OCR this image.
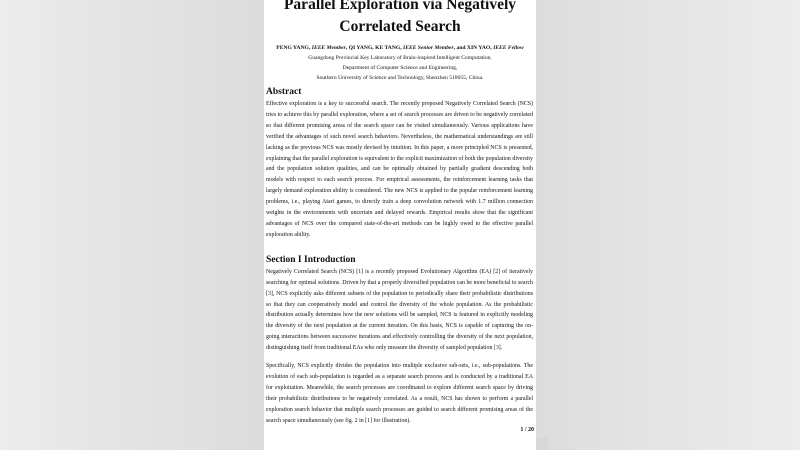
Parallel Exploration via Negatively Correlated Search
PENG YANG, IEEE Member, QI YANG, KE TANG, IEEE Senior Member, and XIN YAO, IEEE Fellow
Guangdong Provincial Key Laboratory of Brain-inspired Intelligent Computation,
Department of Computer Science and Engineering,
Southern University of Science and Technology, Shenzhen 518055, China.
Abstract
Effective exploration is a key to successful search. The recently proposed Negatively Correlated Search (NCS) tries to achieve this by parallel exploration, where a set of search processes are driven to be negatively correlated so that different promising areas of the search space can be visited simultaneously. Various applications have verified the advantages of such novel search behaviors. Nevertheless, the mathematical understandings are still lacking as the previous NCS was mostly devised by intuition. In this paper, a more principled NCS is presented, explaining that the parallel exploration is equivalent to the explicit maximization of both the population diversity and the population solution qualities, and can be optimally obtained by partially gradient descending both models with respect to each search process. For empirical assessments, the reinforcement learning tasks that largely demand exploration ability is considered. The new NCS is applied to the popular reinforcement learning problems, i.e., playing Atari games, to directly train a deep convolution network with 1.7 million connection weights in the environments with uncertain and delayed rewards. Empirical results show that the significant advantages of NCS over the compared state-of-the-art methods can be highly owed to the effective parallel exploration ability.
Section I Introduction
Negatively Correlated Search (NCS) [1] is a recently proposed Evolutionary Algorithm (EA) [2] of iteratively searching for optimal solutions. Driven by that a properly diversified population can be more beneficial to search [3], NCS explicitly asks different subsets of the population to periodically share their probabilistic distributions so that they can cooperatively model and control the diversity of the whole population. As the probabilistic distribution actually determines how the new solutions will be sampled, NCS is featured in explicitly modeling the diversity of the next population at the current iteration. On this basis, NCS is capable of capturing the on-going interactions between successive iterations and effectively controlling the diversity of the next population, distinguishing itself from traditional EAs who only measure the diversity of sampled population [3].
Specifically, NCS explicitly divides the population into multiple exclusive sub-sets, i.e., sub-populations. The evolution of each sub-population is regarded as a separate search process and is conducted by a traditional EA for exploitation. Meanwhile, the search processes are coordinated to explore different search space by driving their probabilistic distributions to be negatively correlated. As a result, NCS has shown to perform a parallel exploration search behavior that multiple search processes are guided to search different promising areas of the search space simultaneously (see fig. 2 in [1] for illustration).
1 / 20
